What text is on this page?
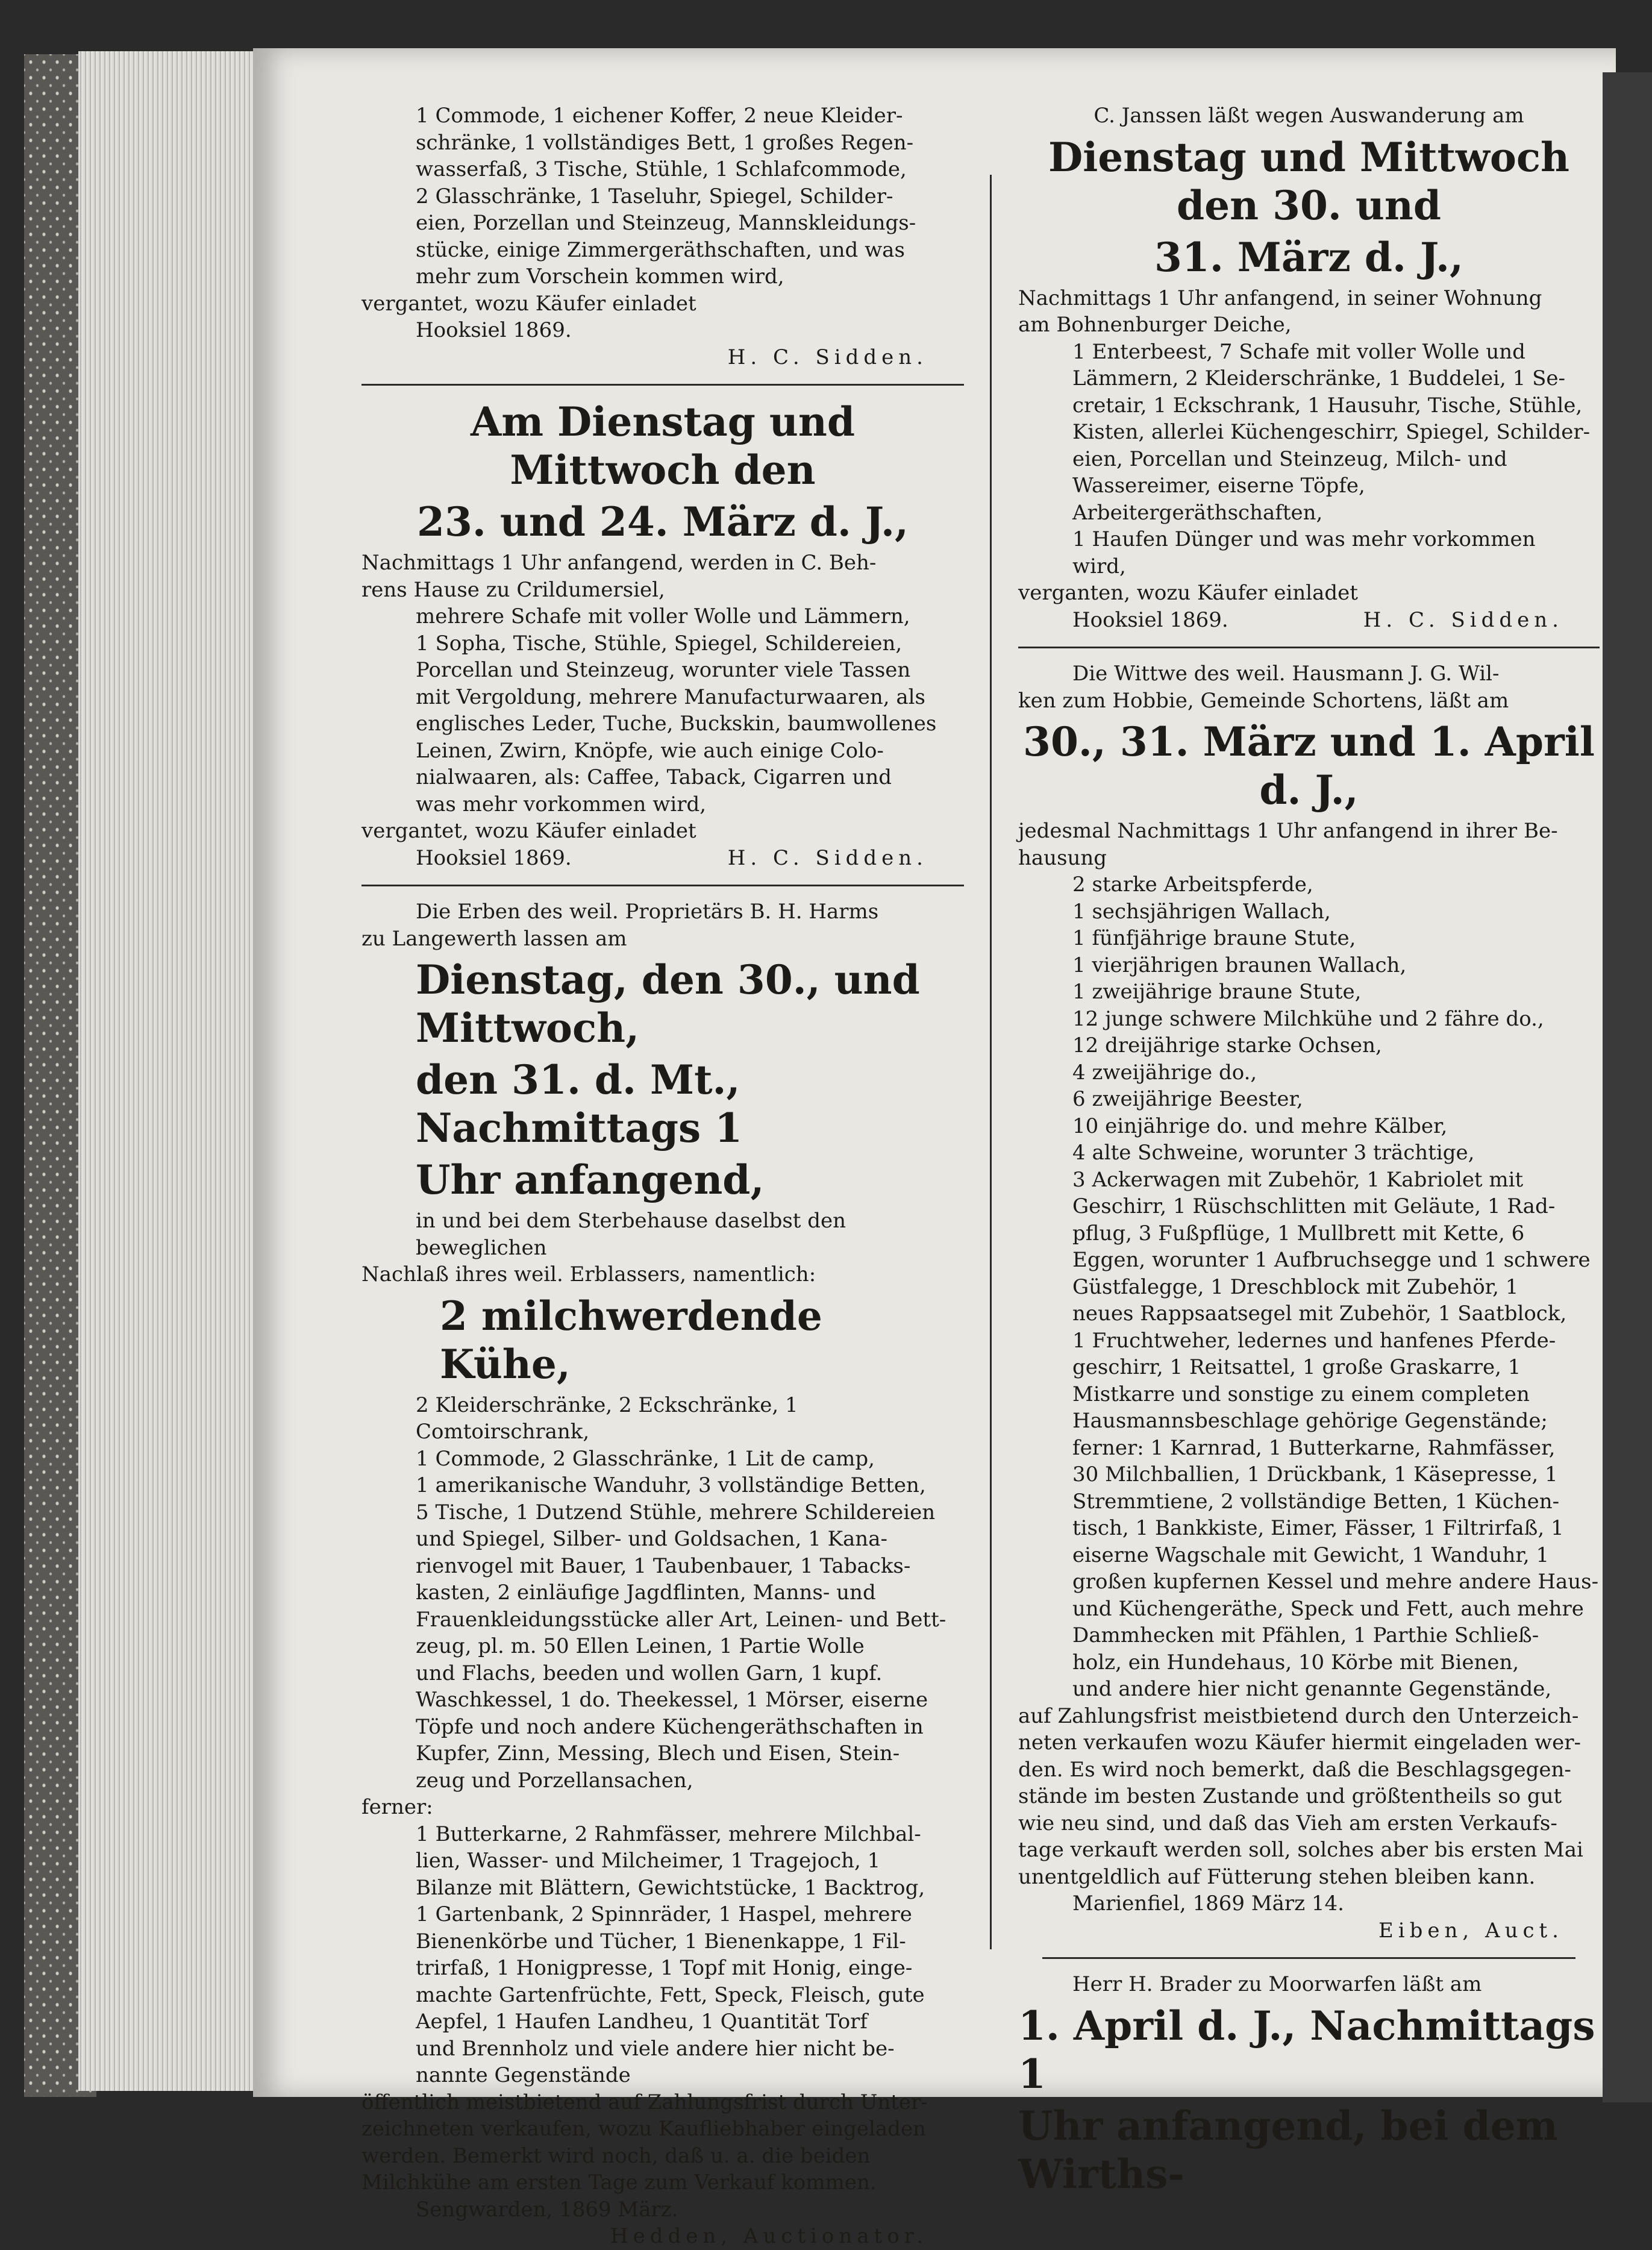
1 Commode, 1 eichener Koffer, 2 neue Kleider-

schränke, 1 vollständiges Bett, 1 großes Regen-

wasserfaß, 3 Tische, Stühle, 1 Schlafcommode,

2 Glasschränke, 1 Taseluhr, Spiegel, Schilder-

eien, Porzellan und Steinzeug, Mannskleidungs-

stücke, einige Zimmergeräthschaften, und was

mehr zum Vorschein kommen wird,

vergantet, wozu Käufer einladet

Hooksiel 1869.

H. C. Sidden.

Am Dienstag und Mittwoch den

23. und 24. März d. J.,

Nachmittags 1 Uhr anfangend, werden in C. Beh-

rens Hause zu Crildumersiel,

mehrere Schafe mit voller Wolle und Lämmern,

1 Sopha, Tische, Stühle, Spiegel, Schildereien,

Porcellan und Steinzeug, worunter viele Tassen

mit Vergoldung, mehrere Manufacturwaaren, als

englisches Leder, Tuche, Buckskin, baumwollenes

Leinen, Zwirn, Knöpfe, wie auch einige Colo-

nialwaaren, als: Caffee, Taback, Cigarren und

was mehr vorkommen wird,

vergantet, wozu Käufer einladet

Hooksiel 1869.	H. C. Sidden.

Die Erben des weil. Proprietärs B. H. Harms

zu Langewerth lassen am

Dienstag, den 30., und Mittwoch,

den 31. d. Mt., Nachmittags 1

Uhr anfangend,

in und bei dem Sterbehause daselbst den beweglichen

Nachlaß ihres weil. Erblassers, namentlich:

2 milchwerdende Kühe,

2 Kleiderschränke, 2 Eckschränke, 1 Comtoirschrank,

1 Commode, 2 Glasschränke, 1 Lit de camp,

1 amerikanische Wanduhr, 3 vollständige Betten,

5 Tische, 1 Dutzend Stühle, mehrere Schildereien

und Spiegel, Silber- und Goldsachen, 1 Kana-

rienvogel mit Bauer, 1 Taubenbauer, 1 Tabacks-

kasten, 2 einläufige Jagdflinten, Manns- und

Frauenkleidungsstücke aller Art, Leinen- und Bett-

zeug, pl. m. 50 Ellen Leinen, 1 Partie Wolle

und Flachs, beeden und wollen Garn, 1 kupf.

Waschkessel, 1 do. Theekessel, 1 Mörser, eiserne

Töpfe und noch andere Küchengeräthschaften in

Kupfer, Zinn, Messing, Blech und Eisen, Stein-

zeug und Porzellansachen,

ferner:

1 Butterkarne, 2 Rahmfässer, mehrere Milchbal-

lien, Wasser- und Milcheimer, 1 Tragejoch, 1

Bilanze mit Blättern, Gewichtstücke, 1 Backtrog,

1 Gartenbank, 2 Spinnräder, 1 Haspel, mehrere

Bienenkörbe und Tücher, 1 Bienenkappe, 1 Fil-

trirfaß, 1 Honigpresse, 1 Topf mit Honig, einge-

machte Gartenfrüchte, Fett, Speck, Fleisch, gute

Aepfel, 1 Haufen Landheu, 1 Quantität Torf

und Brennholz und viele andere hier nicht be-

nannte Gegenstände

öffentlich meistbietend auf Zahlungsfrist durch Unter-

zeichneten verkaufen, wozu Kaufliebhaber eingeladen

werden. Bemerkt wird noch, daß u. a. die beiden

Milchkühe am ersten Tage zum Verkauf kommen.

Sengwarden, 1869 März.

Hedden, Auctionator.

C. Janssen läßt wegen Auswanderung am

Dienstag und Mittwoch den 30. und

31. März d. J.,

Nachmittags 1 Uhr anfangend, in seiner Wohnung

am Bohnenburger Deiche,

1 Enterbeest, 7 Schafe mit voller Wolle und

Lämmern, 2 Kleiderschränke, 1 Buddelei, 1 Se-

cretair, 1 Eckschrank, 1 Hausuhr, Tische, Stühle,

Kisten, allerlei Küchengeschirr, Spiegel, Schilder-

eien, Porcellan und Steinzeug, Milch- und

Wassereimer, eiserne Töpfe, Arbeitergeräthschaften,

1 Haufen Dünger und was mehr vorkommen

wird,

verganten, wozu Käufer einladet

Hooksiel 1869.	H. C. Sidden.

Die Wittwe des weil. Hausmann J. G. Wil-

ken zum Hobbie, Gemeinde Schortens, läßt am

30., 31. März und 1. April d. J.,

jedesmal Nachmittags 1 Uhr anfangend in ihrer Be-

hausung

2 starke Arbeitspferde,

1 sechsjährigen Wallach,

1 fünfjährige braune Stute,

1 vierjährigen braunen Wallach,

1 zweijährige braune Stute,

12 junge schwere Milchkühe und 2 fähre do.,

12 dreijährige starke Ochsen,

4 zweijährige do.,

6 zweijährige Beester,

10 einjährige do. und mehre Kälber,

4 alte Schweine, worunter 3 trächtige,

3 Ackerwagen mit Zubehör, 1 Kabriolet mit

Geschirr, 1 Rüschschlitten mit Geläute, 1 Rad-

pflug, 3 Fußpflüge, 1 Mullbrett mit Kette, 6

Eggen, worunter 1 Aufbruchsegge und 1 schwere

Güstfalegge, 1 Dreschblock mit Zubehör, 1

neues Rappsaatsegel mit Zubehör, 1 Saatblock,

1 Fruchtweher, ledernes und hanfenes Pferde-

geschirr, 1 Reitsattel, 1 große Graskarre, 1

Mistkarre und sonstige zu einem completen

Hausmannsbeschlage gehörige Gegenstände;

ferner: 1 Karnrad, 1 Butterkarne, Rahmfässer,

30 Milchballien, 1 Drückbank, 1 Käsepresse, 1

Stremmtiene, 2 vollständige Betten, 1 Küchen-

tisch, 1 Bankkiste, Eimer, Fässer, 1 Filtrirfaß, 1

eiserne Wagschale mit Gewicht, 1 Wanduhr, 1

großen kupfernen Kessel und mehre andere Haus-

und Küchengeräthe, Speck und Fett, auch mehre

Dammhecken mit Pfählen, 1 Parthie Schließ-

holz, ein Hundehaus, 10 Körbe mit Bienen,

und andere hier nicht genannte Gegenstände,

auf Zahlungsfrist meistbietend durch den Unterzeich-

neten verkaufen wozu Käufer hiermit eingeladen wer-

den. Es wird noch bemerkt, daß die Beschlagsgegen-

stände im besten Zustande und größtentheils so gut

wie neu sind, und daß das Vieh am ersten Verkaufs-

tage verkauft werden soll, solches aber bis ersten Mai

unentgeldlich auf Fütterung stehen bleiben kann.

Marienfiel, 1869 März 14.

Eiben, Auct.

Herr H. Brader zu Moorwarfen läßt am

1. April d. J., Nachmittags 1

Uhr anfangend, bei dem Wirths-
